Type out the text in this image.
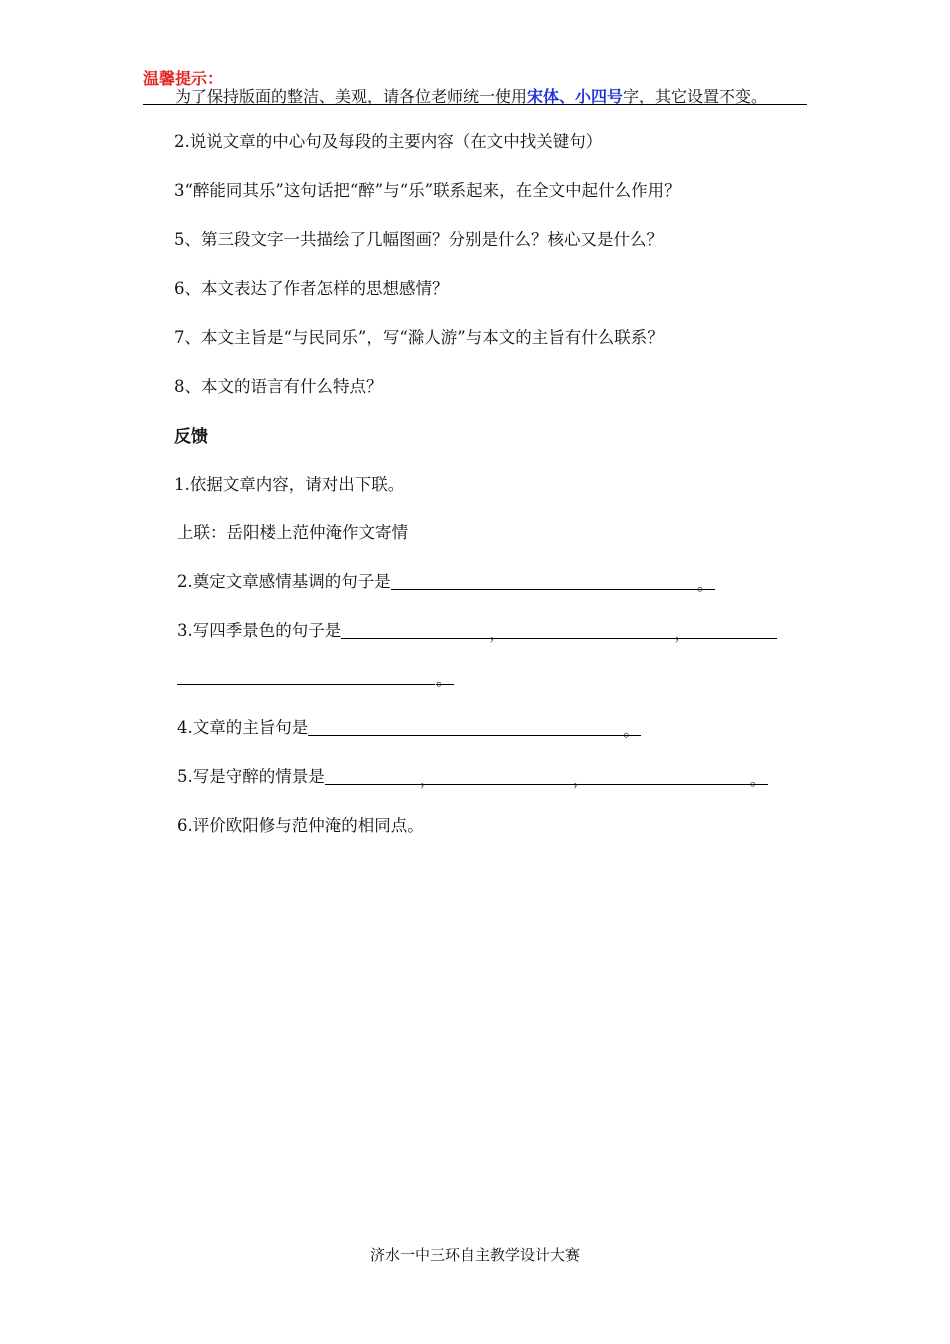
温馨提示：
为了保持版面的整洁、美观，请各位老师统一使用宋体、小四号字，其它设置不变。
2.说说文章的中心句及每段的主要内容（在文中找关键句）
3“醉能同其乐”这句话把“醉”与“乐”联系起来，在全文中起什么作用？
5、第三段文字一共描绘了几幅图画？分别是什么？核心又是什么？
6、本文表达了作者怎样的思想感情？
7、本文主旨是“与民同乐”，写“滁人游”与本文的主旨有什么联系？
8、本文的语言有什么特点？
反馈
1.依据文章内容，请对出下联。
上联：岳阳楼上范仲淹作文寄情
2.奠定文章感情基调的句子是	。
3.写四季景色的句子是	，	，
。
4.文章的主旨句是	。
5.写是守醉的情景是	，	，	。
6.评价欧阳修与范仲淹的相同点。
济水一中三环自主教学设计大赛
